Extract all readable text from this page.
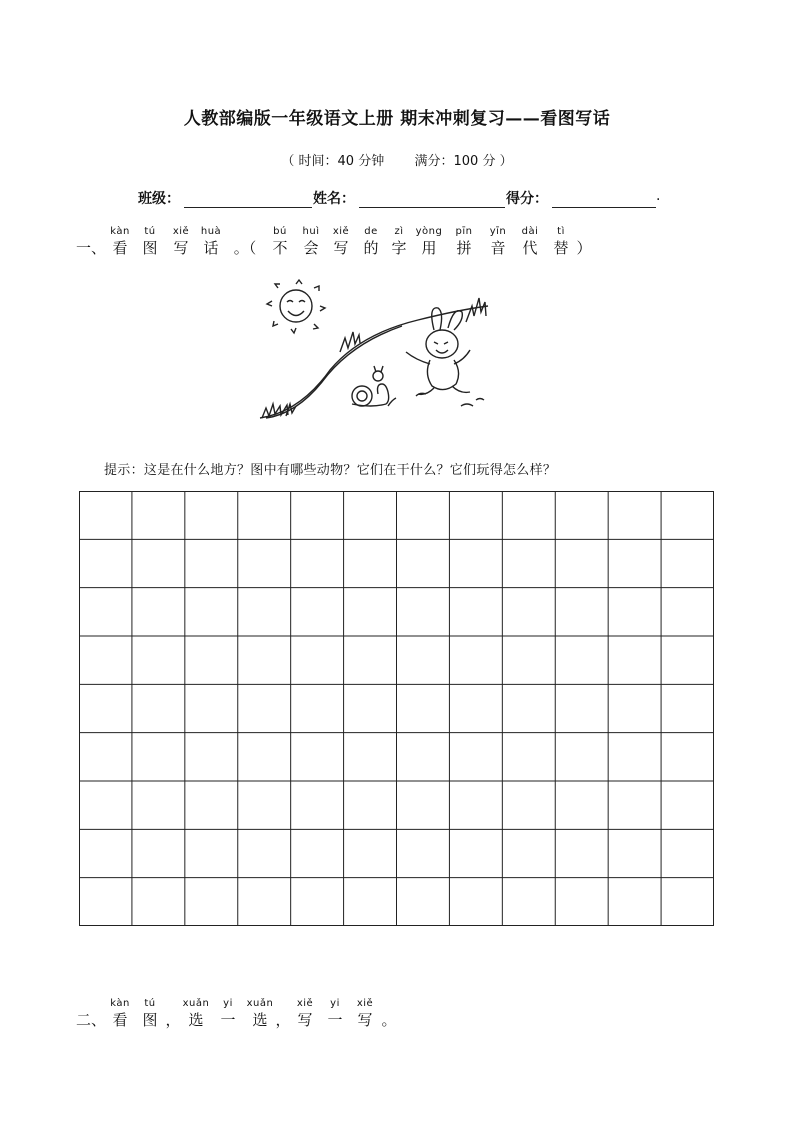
人教部编版一年级语文上册 期末冲刺复习——看图写话
（ 时间：40 分钟 满分：100 分 ）
班级：	姓名：	得分：	.
一、
kàn
看
tú
图
xiě
写
huà
话 。（
bú
不
huì
会
xiě
写
de
的
zì
字
yòng
用
pīn
拼
yīn
音
dài
代
tì
替 ）
提示：这是在什么地方？图中有哪些动物？它们在干什么？它们玩得怎么样？
二、
kàn
看
tú
图 ，
xuǎn
选
yi
一
xuǎn
选 ，
xiě
写
yi
一
xiě
写 。
